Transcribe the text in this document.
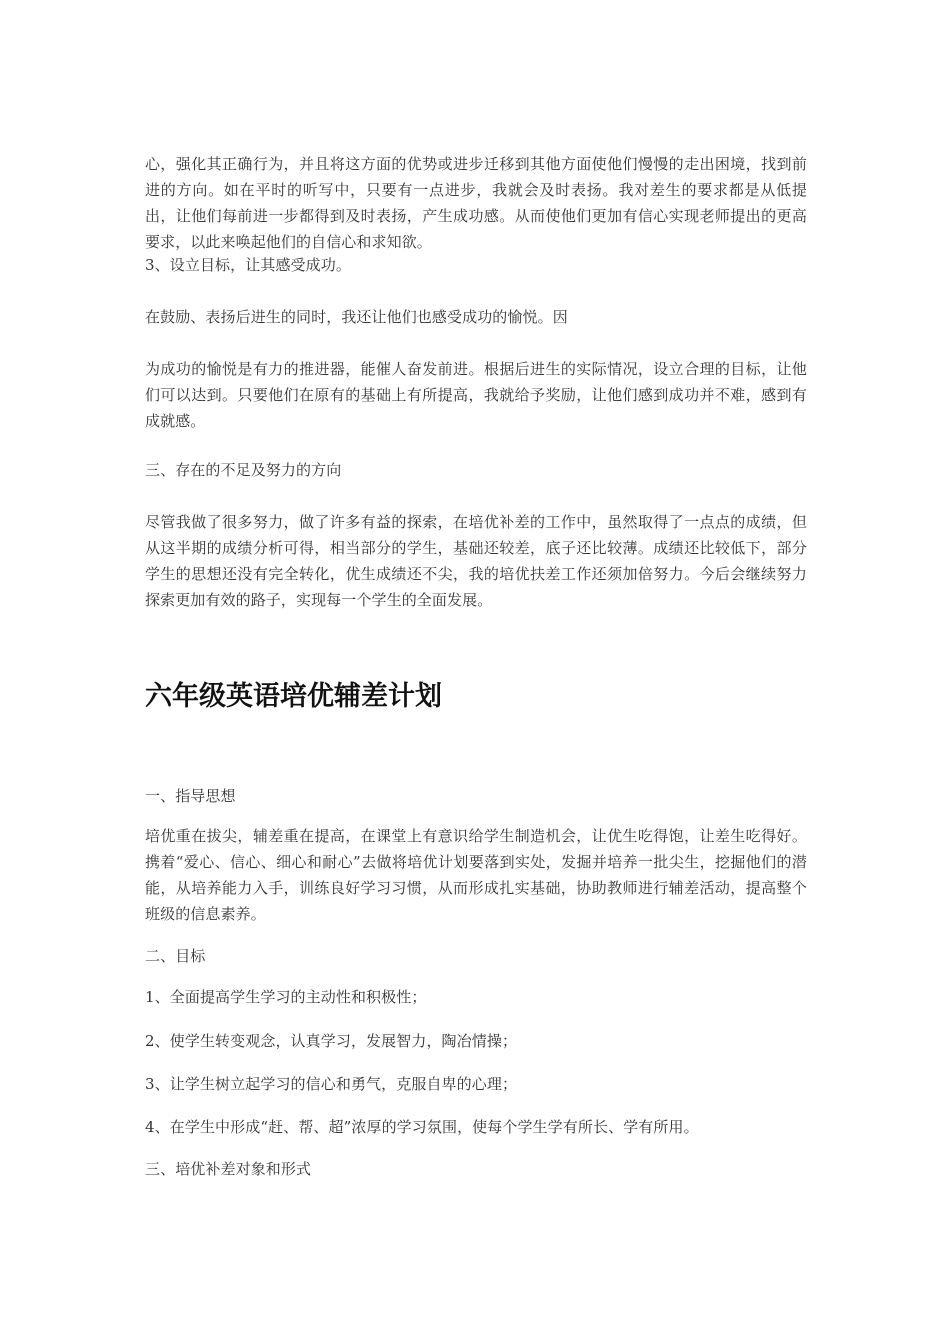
心，强化其正确行为，并且将这方面的优势或进步迁移到其他方面使他们慢慢的走出困境，找到前进的方向。如在平时的听写中，只要有一点进步，我就会及时表扬。我对差生的要求都是从低提出，让他们每前进一步都得到及时表扬，产生成功感。从而使他们更加有信心实现老师提出的更高要求，以此来唤起他们的自信心和求知欲。

3、设立目标，让其感受成功。

在鼓励、表扬后进生的同时，我还让他们也感受成功的愉悦。因

为成功的愉悦是有力的推进器，能催人奋发前进。根据后进生的实际情况，设立合理的目标，让他们可以达到。只要他们在原有的基础上有所提高，我就给予奖励，让他们感到成功并不难，感到有成就感。

三、存在的不足及努力的方向

尽管我做了很多努力，做了许多有益的探索，在培优补差的工作中，虽然取得了一点点的成绩，但从这半期的成绩分析可得，相当部分的学生，基础还较差，底子还比较薄。成绩还比较低下，部分学生的思想还没有完全转化，优生成绩还不尖，我的培优扶差工作还须加倍努力。今后会继续努力探索更加有效的路子，实现每一个学生的全面发展。

六年级英语培优辅差计划

一、指导思想

培优重在拔尖，辅差重在提高，在课堂上有意识给学生制造机会，让优生吃得饱，让差生吃得好。携着“爱心、信心、细心和耐心”去做将培优计划要落到实处，发掘并培养一批尖生，挖掘他们的潜能，从培养能力入手，训练良好学习习惯，从而形成扎实基础，协助教师进行辅差活动，提高整个班级的信息素养。

二、目标

1、全面提高学生学习的主动性和积极性；

2、使学生转变观念，认真学习，发展智力，陶冶情操；

3、让学生树立起学习的信心和勇气，克服自卑的心理；

4、在学生中形成“赶、帮、超”浓厚的学习氛围，使每个学生学有所长、学有所用。

三、培优补差对象和形式
